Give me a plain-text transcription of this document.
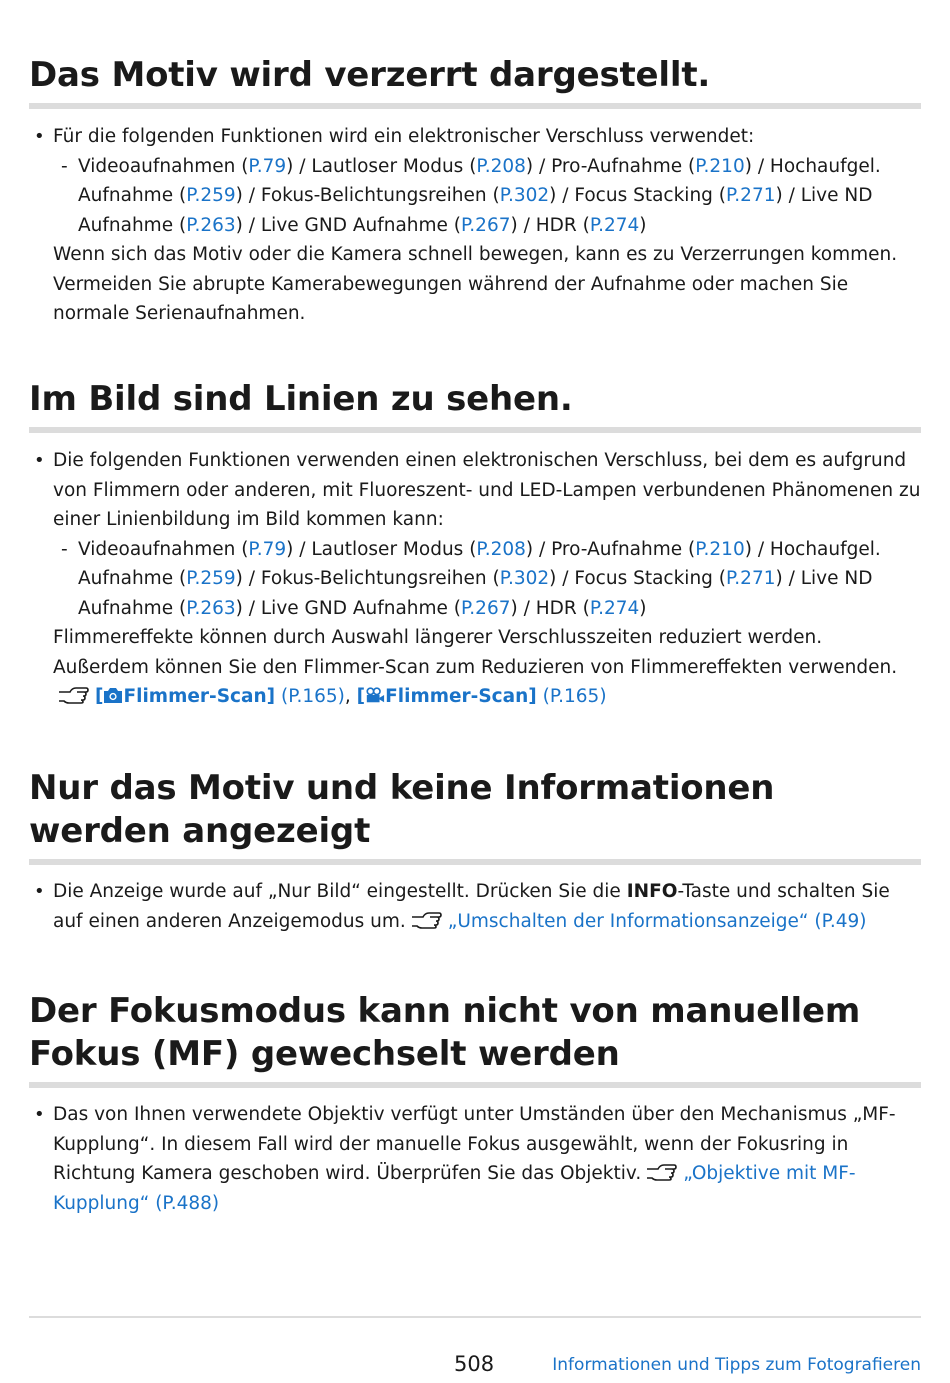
Das Motiv wird verzerrt dargestellt.
• Für die folgenden Funktionen wird ein elektronischer Verschluss verwendet:
- Videoaufnahmen (P.79) / Lautloser Modus (P.208) / Pro-Aufnahme (P.210) / Hochaufgel. Aufnahme (P.259) / Fokus-Belichtungsreihen (P.302) / Focus Stacking (P.271) / Live ND Aufnahme (P.263) / Live GND Aufnahme (P.267) / HDR (P.274)
Wenn sich das Motiv oder die Kamera schnell bewegen, kann es zu Verzerrungen kommen. Vermeiden Sie abrupte Kamerabewegungen während der Aufnahme oder machen Sie normale Serienaufnahmen.
Im Bild sind Linien zu sehen.
• Die folgenden Funktionen verwenden einen elektronischen Verschluss, bei dem es aufgrund von Flimmern oder anderen, mit Fluoreszent- und LED-Lampen verbundenen Phänomenen zu einer Linienbildung im Bild kommen kann:
- Videoaufnahmen (P.79) / Lautloser Modus (P.208) / Pro-Aufnahme (P.210) / Hochaufgel. Aufnahme (P.259) / Fokus-Belichtungsreihen (P.302) / Focus Stacking (P.271) / Live ND Aufnahme (P.263) / Live GND Aufnahme (P.267) / HDR (P.274)
Flimmereffekte können durch Auswahl längerer Verschlusszeiten reduziert werden. Außerdem können Sie den Flimmer-Scan zum Reduzieren von Flimmereffekten verwenden.[ Flimmer-Scan] (P.165), [ Flimmer-Scan] (P.165)
Nur das Motiv und keine Informationen werden angezeigt
• Die Anzeige wurde auf „Nur Bild“ eingestellt. Drücken Sie die INFO-Taste und schalten Sie auf einen anderen Anzeigemodus um. „Umschalten der Informationsanzeige“ (P.49)
Der Fokusmodus kann nicht von manuellem Fokus (MF) gewechselt werden
• Das von Ihnen verwendete Objektiv verfügt unter Umständen über den Mechanismus „MF-Kupplung“. In diesem Fall wird der manuelle Fokus ausgewählt, wenn der Fokusring in Richtung Kamera geschoben wird. Überprüfen Sie das Objektiv. „Objektive mit MF-Kupplung“ (P.488)
508	Informationen und Tipps zum Fotografieren
